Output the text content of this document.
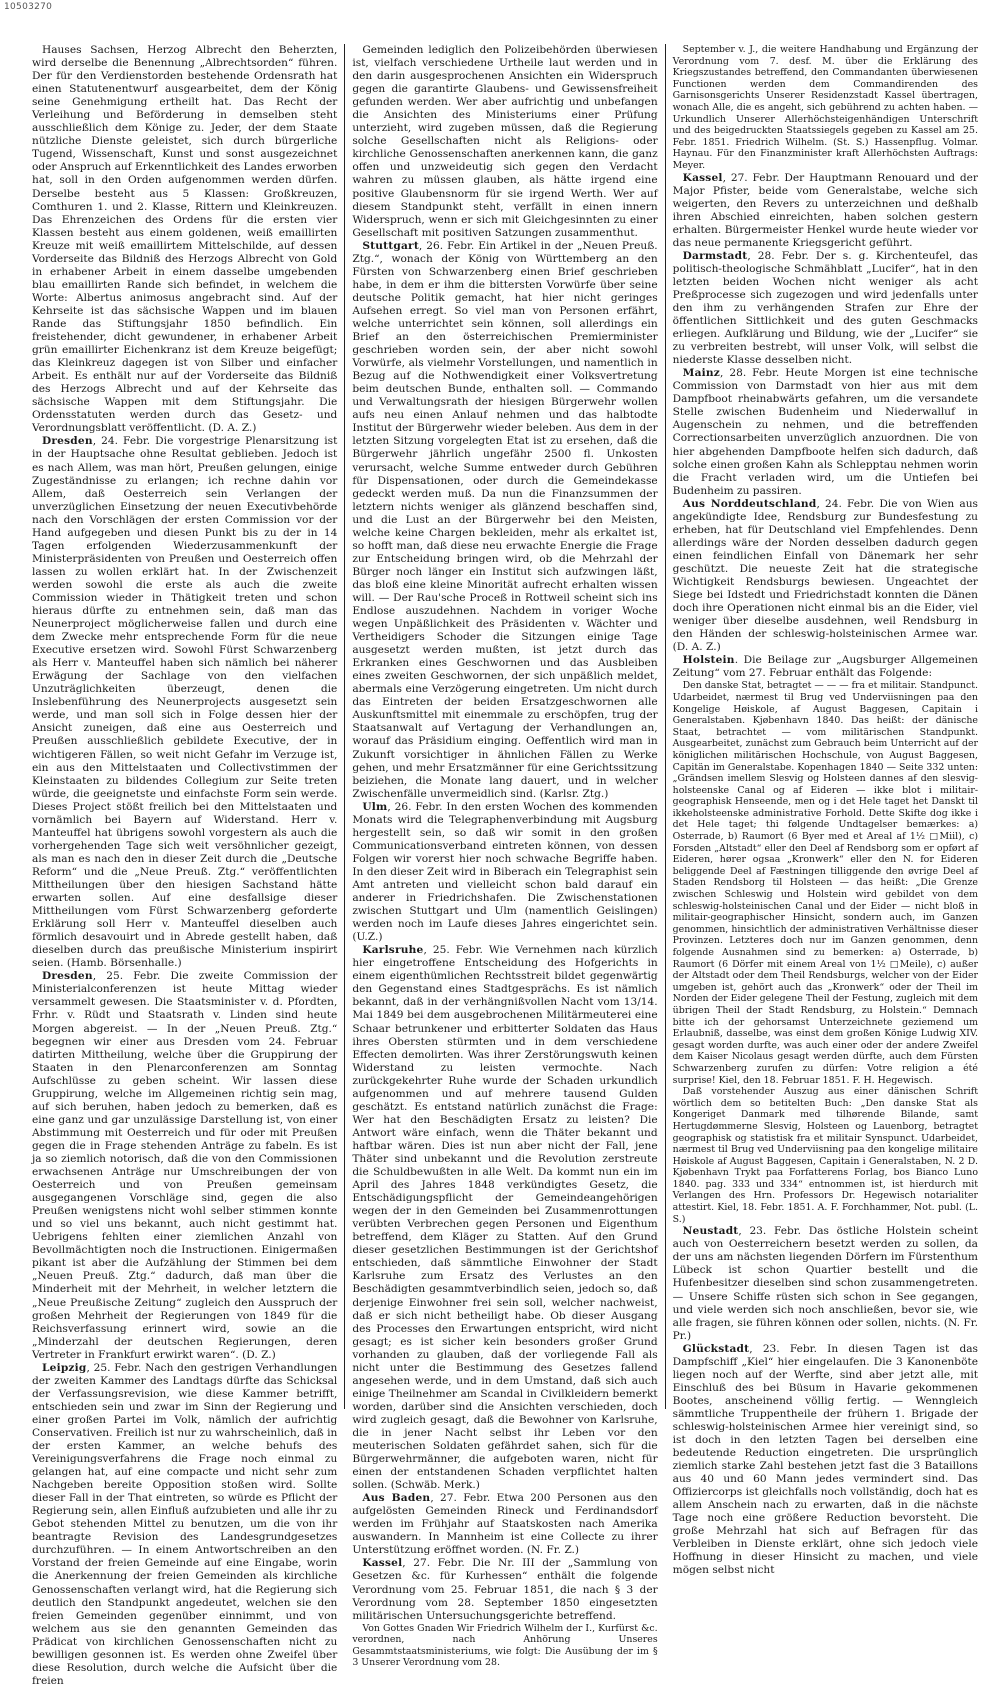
10503270

Hauses Sachsen, Herzog Albrecht den Beherzten, wird derselbe die Benennung „Albrechtsorden“ führen. Der für den Verdienstorden bestehende Ordensrath hat einen Statutenentwurf ausgearbeitet, dem der König seine Genehmigung ertheilt hat. Das Recht der Verleihung und Beförderung in demselben steht ausschließlich dem Könige zu. Jeder, der dem Staate nützliche Dienste geleistet, sich durch bürgerliche Tugend, Wissenschaft, Kunst und sonst ausgezeichnet oder Anspruch auf Erkenntlichkeit des Landes erworben hat, soll in den Orden aufgenommen werden dürfen. Derselbe besteht aus 5 Klassen: Großkreuzen, Comthuren 1. und 2. Klasse, Rittern und Kleinkreuzen. Das Ehrenzeichen des Ordens für die ersten vier Klassen besteht aus einem goldenen, weiß emaillirten Kreuze mit weiß emaillirtem Mittelschilde, auf dessen Vorderseite das Bildniß des Herzogs Albrecht von Gold in erhabener Arbeit in einem dasselbe umgebenden blau emaillirten Rande sich befindet, in welchem die Worte: Albertus animosus angebracht sind. Auf der Kehrseite ist das sächsische Wappen und im blauen Rande das Stiftungsjahr 1850 befindlich. Ein freistehender, dicht gewundener, in erhabener Arbeit grün emaillirter Eichenkranz ist dem Kreuze beigefügt; das Kleinkreuz dagegen ist von Silber und einfacher Arbeit. Es enthält nur auf der Vorderseite das Bildniß des Herzogs Albrecht und auf der Kehrseite das sächsische Wappen mit dem Stiftungsjahr. Die Ordensstatuten werden durch das Gesetz- und Verordnungsblatt veröffentlicht. (D. A. Z.)

Dresden, 24. Febr. Die vorgestrige Plenarsitzung ist in der Hauptsache ohne Resultat geblieben. Jedoch ist es nach Allem, was man hört, Preußen gelungen, einige Zugeständnisse zu erlangen; ich rechne dahin vor Allem, daß Oesterreich sein Verlangen der unverzüglichen Einsetzung der neuen Executivbehörde nach den Vorschlägen der ersten Commission vor der Hand aufgegeben und diesen Punkt bis zu der in 14 Tagen erfolgenden Wiederzusammenkunft der Ministerpräsidenten von Preußen und Oesterreich offen lassen zu wollen erklärt hat. In der Zwischenzeit werden sowohl die erste als auch die zweite Commission wieder in Thätigkeit treten und schon hieraus dürfte zu entnehmen sein, daß man das Neunerproject möglicherweise fallen und durch eine dem Zwecke mehr entsprechende Form für die neue Executive ersetzen wird. Sowohl Fürst Schwarzenberg als Herr v. Manteuffel haben sich nämlich bei näherer Erwägung der Sachlage von den vielfachen Unzuträglichkeiten überzeugt, denen die Inslebenführung des Neunerprojects ausgesetzt sein werde, und man soll sich in Folge dessen hier der Ansicht zuneigen, daß eine aus Oesterreich und Preußen ausschließlich gebildete Executive, der in wichtigeren Fällen, so weit nicht Gefahr im Verzuge ist, ein aus den Mittelstaaten und Collectivstimmen der Kleinstaaten zu bildendes Collegium zur Seite treten würde, die geeignetste und einfachste Form sein werde. Dieses Project stößt freilich bei den Mittelstaaten und vornämlich bei Bayern auf Widerstand. Herr v. Manteuffel hat übrigens sowohl vorgestern als auch die vorhergehenden Tage sich weit versöhnlicher gezeigt, als man es nach den in dieser Zeit durch die „Deutsche Reform“ und die „Neue Preuß. Ztg.“ veröffentlichten Mittheilungen über den hiesigen Sachstand hätte erwarten sollen. Auf eine desfallsige dieser Mittheilungen vom Fürst Schwarzenberg geforderte Erklärung soll Herr v. Manteuffel dieselben auch förmlich desavouirt und in Abrede gestellt haben, daß dieselben durch das preußische Ministerium inspirirt seien. (Hamb. Börsenhalle.)

Dresden, 25. Febr. Die zweite Commission der Ministerialconferenzen ist heute Mittag wieder versammelt gewesen. Die Staatsminister v. d. Pfordten, Frhr. v. Rüdt und Staatsrath v. Linden sind heute Morgen abgereist. — In der „Neuen Preuß. Ztg.“ begegnen wir einer aus Dresden vom 24. Februar datirten Mittheilung, welche über die Gruppirung der Staaten in den Plenarconferenzen am Sonntag Aufschlüsse zu geben scheint. Wir lassen diese Gruppirung, welche im Allgemeinen richtig sein mag, auf sich beruhen, haben jedoch zu bemerken, daß es eine ganz und gar unzulässige Darstellung ist, von einer Abstimmung mit Oesterreich und für oder mit Preußen gegen die in Frage stehenden Anträge zu fabeln. Es ist ja so ziemlich notorisch, daß die von den Commissionen erwachsenen Anträge nur Umschreibungen der von Oesterreich und von Preußen gemeinsam ausgegangenen Vorschläge sind, gegen die also Preußen wenigstens nicht wohl selber stimmen konnte und so viel uns bekannt, auch nicht gestimmt hat. Uebrigens fehlten einer ziemlichen Anzahl von Bevollmächtigten noch die Instructionen. Einigermaßen pikant ist aber die Aufzählung der Stimmen bei dem „Neuen Preuß. Ztg.“ dadurch, daß man über die Minderheit mit der Mehrheit, in welcher letztern die „Neue Preußische Zeitung“ zugleich den Ausspruch der großen Mehrheit der Regierungen von 1849 für die Reichsverfassung erinnert wird, sowie an die „Minderzahl der deutschen Regierungen, deren Vertreter in Frankfurt erwirkt waren“. (D. Z.)

Leipzig, 25. Febr. Nach den gestrigen Verhandlungen der zweiten Kammer des Landtags dürfte das Schicksal der Verfassungsrevision, wie diese Kammer betrifft, entschieden sein und zwar im Sinn der Regierung und einer großen Partei im Volk, nämlich der aufrichtig Conservativen. Freilich ist nur zu wahrscheinlich, daß in der ersten Kammer, an welche behufs des Vereinigungsverfahrens die Frage noch einmal zu gelangen hat, auf eine compacte und nicht sehr zum Nachgeben bereite Opposition stoßen wird. Sollte dieser Fall in der That eintreten, so würde es Pflicht der Regierung sein, allen Einfluß aufzubieten und alle ihr zu Gebot stehenden Mittel zu benutzen, um die von ihr beantragte Revision des Landesgrundgesetzes durchzuführen. — In einem Antwortschreiben an den Vorstand der freien Gemeinde auf eine Eingabe, worin die Anerkennung der freien Gemeinden als kirchliche Genossenschaften verlangt wird, hat die Regierung sich deutlich den Standpunkt angedeutet, welchen sie den freien Gemeinden gegenüber einnimmt, und von welchem aus sie den genannten Gemeinden das Prädicat von kirchlichen Genossenschaften nicht zu bewilligen gesonnen ist. Es werden ohne Zweifel über diese Resolution, durch welche die Aufsicht über die freien

Gemeinden lediglich den Polizeibehörden überwiesen ist, vielfach verschiedene Urtheile laut werden und in den darin ausgesprochenen Ansichten ein Widerspruch gegen die garantirte Glaubens- und Gewissensfreiheit gefunden werden. Wer aber aufrichtig und unbefangen die Ansichten des Ministeriums einer Prüfung unterzieht, wird zugeben müssen, daß die Regierung solche Gesellschaften nicht als Religions- oder kirchliche Genossenschaften anerkennen kann, die ganz offen und unzweideutig sich gegen den Verdacht wahren zu müssen glauben, als hätte irgend eine positive Glaubensnorm für sie irgend Werth. Wer auf diesem Standpunkt steht, verfällt in einen innern Widerspruch, wenn er sich mit Gleichgesinnten zu einer Gesellschaft mit positiven Satzungen zusammenthut.

Stuttgart, 26. Febr. Ein Artikel in der „Neuen Preuß. Ztg.“, wonach der König von Württemberg an den Fürsten von Schwarzenberg einen Brief geschrieben habe, in dem er ihm die bittersten Vorwürfe über seine deutsche Politik gemacht, hat hier nicht geringes Aufsehen erregt. So viel man von Personen erfährt, welche unterrichtet sein können, soll allerdings ein Brief an den österreichischen Premierminister geschrieben worden sein, der aber nicht sowohl Vorwürfe, als vielmehr Vorstellungen, und namentlich in Bezug auf die Nothwendigkeit einer Volksvertretung beim deutschen Bunde, enthalten soll. — Commando und Verwaltungsrath der hiesigen Bürgerwehr wollen aufs neu einen Anlauf nehmen und das halbtodte Institut der Bürgerwehr wieder beleben. Aus dem in der letzten Sitzung vorgelegten Etat ist zu ersehen, daß die Bürgerwehr jährlich ungefähr 2500 fl. Unkosten verursacht, welche Summe entweder durch Gebühren für Dispensationen, oder durch die Gemeindekasse gedeckt werden muß. Da nun die Finanzsummen der letztern nichts weniger als glänzend beschaffen sind, und die Lust an der Bürgerwehr bei den Meisten, welche keine Chargen bekleiden, mehr als erkaltet ist, so hofft man, daß diese neu erwachte Energie die Frage zur Entscheidung bringen wird, ob die Mehrzahl der Bürger noch länger ein Institut sich aufzwingen läßt, das bloß eine kleine Minorität aufrecht erhalten wissen will. — Der Rau'sche Proceß in Rottweil scheint sich ins Endlose auszudehnen. Nachdem in voriger Woche wegen Unpäßlichkeit des Präsidenten v. Wächter und Vertheidigers Schoder die Sitzungen einige Tage ausgesetzt werden mußten, ist jetzt durch das Erkranken eines Geschwornen und das Ausbleiben eines zweiten Geschwornen, der sich unpäßlich meldet, abermals eine Verzögerung eingetreten. Um nicht durch das Eintreten der beiden Ersatzgeschwornen alle Auskunftsmittel mit einemmale zu erschöpfen, trug der Staatsanwalt auf Vertagung der Verhandlungen an, worauf das Präsidium einging. Oeffentlich wird man in Zukunft vorsichtiger in ähnlichen Fällen zu Werke gehen, und mehr Ersatzmänner für eine Gerichtssitzung beiziehen, die Monate lang dauert, und in welcher Zwischenfälle unvermeidlich sind. (Karlsr. Ztg.)

Ulm, 26. Febr. In den ersten Wochen des kommenden Monats wird die Telegraphenverbindung mit Augsburg hergestellt sein, so daß wir somit in den großen Communicationsverband eintreten können, von dessen Folgen wir vorerst hier noch schwache Begriffe haben. In den dieser Zeit wird in Biberach ein Telegraphist sein Amt antreten und vielleicht schon bald darauf ein anderer in Friedrichshafen. Die Zwischenstationen zwischen Stuttgart und Ulm (namentlich Geislingen) werden noch im Laufe dieses Jahres eingerichtet sein. (U.Z.)

Karlsruhe, 25. Febr. Wie Vernehmen nach kürzlich hier eingetroffene Entscheidung des Hofgerichts in einem eigenthümlichen Rechtsstreit bildet gegenwärtig den Gegenstand eines Stadtgesprächs. Es ist nämlich bekannt, daß in der verhängnißvollen Nacht vom 13/14. Mai 1849 bei dem ausgebrochenen Militärmeuterei eine Schaar betrunkener und erbitterter Soldaten das Haus ihres Obersten stürmten und in dem verschiedene Effecten demolirten. Was ihrer Zerstörungswuth keinen Widerstand zu leisten vermochte. Nach zurückgekehrter Ruhe wurde der Schaden urkundlich aufgenommen und auf mehrere tausend Gulden geschätzt. Es entstand natürlich zunächst die Frage: Wer hat den Beschädigten Ersatz zu leisten? Die Antwort wäre einfach, wenn die Thäter bekannt und haftbar wären. Dies ist nun aber nicht der Fall, jene Thäter sind unbekannt und die Revolution zerstreute die Schuldbewußten in alle Welt. Da kommt nun ein im April des Jahres 1848 verkündigtes Gesetz, die Entschädigungspflicht der Gemeindeangehörigen wegen der in den Gemeinden bei Zusammenrottungen verübten Verbrechen gegen Personen und Eigenthum betreffend, dem Kläger zu Statten. Auf den Grund dieser gesetzlichen Bestimmungen ist der Gerichtshof entschieden, daß sämmtliche Einwohner der Stadt Karlsruhe zum Ersatz des Verlustes an den Beschädigten gesammtverbindlich seien, jedoch so, daß derjenige Einwohner frei sein soll, welcher nachweist, daß er sich nicht betheiligt habe. Ob dieser Ausgang des Processes den Erwartungen entspricht, wird nicht gesagt; es ist sicher kein besonders großer Grund vorhanden zu glauben, daß der vorliegende Fall als nicht unter die Bestimmung des Gesetzes fallend angesehen werde, und in dem Umstand, daß sich auch einige Theilnehmer am Scandal in Civilkleidern bemerkt worden, darüber sind die Ansichten verschieden, doch wird zugleich gesagt, daß die Bewohner von Karlsruhe, die in jener Nacht selbst ihr Leben vor den meuterischen Soldaten gefährdet sahen, sich für die Bürgerwehrmänner, die aufgeboten waren, nicht für einen der entstandenen Schaden verpflichtet halten sollen. (Schwäb. Merk.)

Aus Baden, 27. Febr. Etwa 200 Personen aus den aufgelösten Gemeinden Rineck und Ferdinandsdorf werden im Frühjahr auf Staatskosten nach Amerika auswandern. In Mannheim ist eine Collecte zu ihrer Unterstützung eröffnet worden. (N. Fr. Z.)

Kassel, 27. Febr. Die Nr. III der „Sammlung von Gesetzen &c. für Kurhessen“ enthält die folgende Verordnung vom 25. Februar 1851, die nach § 3 der Verordnung vom 28. September 1850 eingesetzten militärischen Untersuchungsgerichte betreffend.

Von Gottes Gnaden Wir Friedrich Wilhelm der I., Kurfürst &c. verordnen, nach Anhörung Unseres Gesammtstaatsministeriums, wie folgt: Die Ausübung der im § 3 Unserer Verordnung vom 28.

September v. J., die weitere Handhabung und Ergänzung der Verordnung vom 7. desf. M. über die Erklärung des Kriegszustandes betreffend, den Commandanten überwiesenen Functionen werden dem Commandirenden des Garnisonsgerichts Unserer Residenzstadt Kassel übertragen, wonach Alle, die es angeht, sich gebührend zu achten haben. — Urkundlich Unserer Allerhöchsteigenhändigen Unterschrift und des beigedruckten Staatssiegels gegeben zu Kassel am 25. Febr. 1851. Friedrich Wilhelm. (St. S.) Hassenpflug. Volmar. Haynau. Für den Finanzminister kraft Allerhöchsten Auftrags: Meyer.

Kassel, 27. Febr. Der Hauptmann Renouard und der Major Pfister, beide vom Generalstabe, welche sich weigerten, den Revers zu unterzeichnen und deßhalb ihren Abschied einreichten, haben solchen gestern erhalten. Bürgermeister Henkel wurde heute wieder vor das neue permanente Kriegsgericht geführt.

Darmstadt, 28. Febr. Der s. g. Kirchenteufel, das politisch-theologische Schmähblatt „Lucifer“, hat in den letzten beiden Wochen nicht weniger als acht Preßprocesse sich zugezogen und wird jedenfalls unter den ihm zu verhängenden Strafen zur Ehre der öffentlichen Sittlichkeit und des guten Geschmacks erliegen. Aufklärung und Bildung, wie der „Lucifer“ sie zu verbreiten bestrebt, will unser Volk, will selbst die niederste Klasse desselben nicht.

Mainz, 28. Febr. Heute Morgen ist eine technische Commission von Darmstadt von hier aus mit dem Dampfboot rheinabwärts gefahren, um die versandete Stelle zwischen Budenheim und Niederwalluf in Augenschein zu nehmen, und die betreffenden Correctionsarbeiten unverzüglich anzuordnen. Die von hier abgehenden Dampfboote helfen sich dadurch, daß solche einen großen Kahn als Schlepptau nehmen worin die Fracht verladen wird, um die Untiefen bei Budenheim zu passiren.

Aus Norddeutschland, 24. Febr. Die von Wien aus angekündigte Idee, Rendsburg zur Bundesfestung zu erheben, hat für Deutschland viel Empfehlendes. Denn allerdings wäre der Norden desselben dadurch gegen einen feindlichen Einfall von Dänemark her sehr geschützt. Die neueste Zeit hat die strategische Wichtigkeit Rendsburgs bewiesen. Ungeachtet der Siege bei Idstedt und Friedrichstadt konnten die Dänen doch ihre Operationen nicht einmal bis an die Eider, viel weniger über dieselbe ausdehnen, weil Rendsburg in den Händen der schleswig-holsteinischen Armee war. (D. A. Z.)

Holstein. Die Beilage zur „Augsburger Allgemeinen Zeitung“ vom 27. Februar enthält das Folgende:

Den danske Stat, betragtet — — — fra et militair. Standpunct. Udarbeidet, nærmest til Brug ved Underviisningen paa den Kongelige Høiskole, af August Baggesen, Capitain i Generalstaben. Kjøbenhavn 1840. Das heißt: der dänische Staat, betrachtet — vom militärischen Standpunkt. Ausgearbeitet, zunächst zum Gebrauch beim Unterricht auf der königlichen militärischen Hochschule, von August Baggesen, Capitän im Generalstabe. Kopenhagen 1840 — Seite 332 unten: „Grändsen imellem Slesvig og Holsteen dannes af den slesvig-holsteenske Canal og af Eideren — ikke blot i militair-geographisk Henseende, men og i det Hele taget het Danskt til ikkeholsteenske administrative Forhold. Dette Skifte dog ikke i det Hele taget; thi følgende Undtagelser bemærkes: a) Osterrade, b) Raumort (6 Byer med et Areal af 1½ □Miil), c) Forsden „Altstadt“ eller den Deel af Rendsborg som er opført af Eideren, hører ogsaa „Kronwerk“ eller den N. for Eideren beliggende Deel af Fæstningen tilliggende den øvrige Deel af Staden Rendsborg til Holsteen — das heißt: „Die Grenze zwischen Schleswig und Holstein wird gebildet von dem schleswig-holsteinischen Canal und der Eider — nicht bloß in militair-geographischer Hinsicht, sondern auch, im Ganzen genommen, hinsichtlich der administrativen Verhältnisse dieser Provinzen. Letzteres doch nur im Ganzen genommen, denn folgende Ausnahmen sind zu bemerken: a) Osterrade, b) Raumort (6 Dörfer mit einem Areal von 1½ □Meile), c) außer der Altstadt oder dem Theil Rendsburgs, welcher von der Eider umgeben ist, gehört auch das „Kronwerk“ oder der Theil im Norden der Eider gelegene Theil der Festung, zugleich mit dem übrigen Theil der Stadt Rendsburg, zu Holstein.“ Demnach bitte ich der gehorsamst Unterzeichnete geziemend um Erlaubniß, dasselbe, was einst dem großen Könige Ludwig XIV. gesagt worden durfte, was auch einer oder der andere Zweifel dem Kaiser Nicolaus gesagt werden dürfte, auch dem Fürsten Schwarzenberg zurufen zu dürfen: Votre religion a été surprise! Kiel, den 18. Februar 1851. F. H. Hegewisch.

Daß vorstehender Auszug aus einer dänischen Schrift wörtlich dem so betitelten Buch: „Den danske Stat als Kongeriget Danmark med tilhørende Bilande, samt Hertugdømmerne Slesvig, Holsteen og Lauenborg, betragtet geographisk og statistisk fra et militair Synspunct. Udarbeidet, nærmest til Brug ved Underviisning paa den kongelige militaire Høiskole af August Baggesen, Capitain i Generalstaben, N. 2 D. Kjøbenhavn Trykt paa Forfatterens Forlag, bos Bianco Luno 1840. pag. 333 und 334“ entnommen ist, ist hierdurch mit Verlangen des Hrn. Professors Dr. Hegewisch notarialiter attestirt. Kiel, 18. Febr. 1851. A. F. Forchhammer, Not. publ. (L. S.)

Neustadt, 23. Febr. Das östliche Holstein scheint auch von Oesterreichern besetzt werden zu sollen, da der uns am nächsten liegenden Dörfern im Fürstenthum Lübeck ist schon Quartier bestellt und die Hufenbesitzer dieselben sind schon zusammengetreten. — Unsere Schiffe rüsten sich schon in See gegangen, und viele werden sich noch anschließen, bevor sie, wie alle fragen, sie führen können oder sollen, nichts. (N. Fr. Pr.)

Glückstadt, 23. Febr. In diesen Tagen ist das Dampfschiff „Kiel“ hier eingelaufen. Die 3 Kanonenböte liegen noch auf der Werfte, sind aber jetzt alle, mit Einschluß des bei Büsum in Havarie gekommenen Bootes, anscheinend völlig fertig. — Wenngleich sämmtliche Truppentheile der frühern 1. Brigade der schleswig-holsteinischen Armee hier vereinigt sind, so ist doch in den letzten Tagen bei derselben eine bedeutende Reduction eingetreten. Die ursprünglich ziemlich starke Zahl bestehen jetzt fast die 3 Bataillons aus 40 und 60 Mann jedes vermindert sind. Das Offiziercorps ist gleichfalls noch vollständig, doch hat es allem Anschein nach zu erwarten, daß in die nächste Tage noch eine größere Reduction bevorsteht. Die große Mehrzahl hat sich auf Befragen für das Verbleiben in Dienste erklärt, ohne sich jedoch viele Hoffnung in dieser Hinsicht zu machen, und viele mögen selbst nicht
